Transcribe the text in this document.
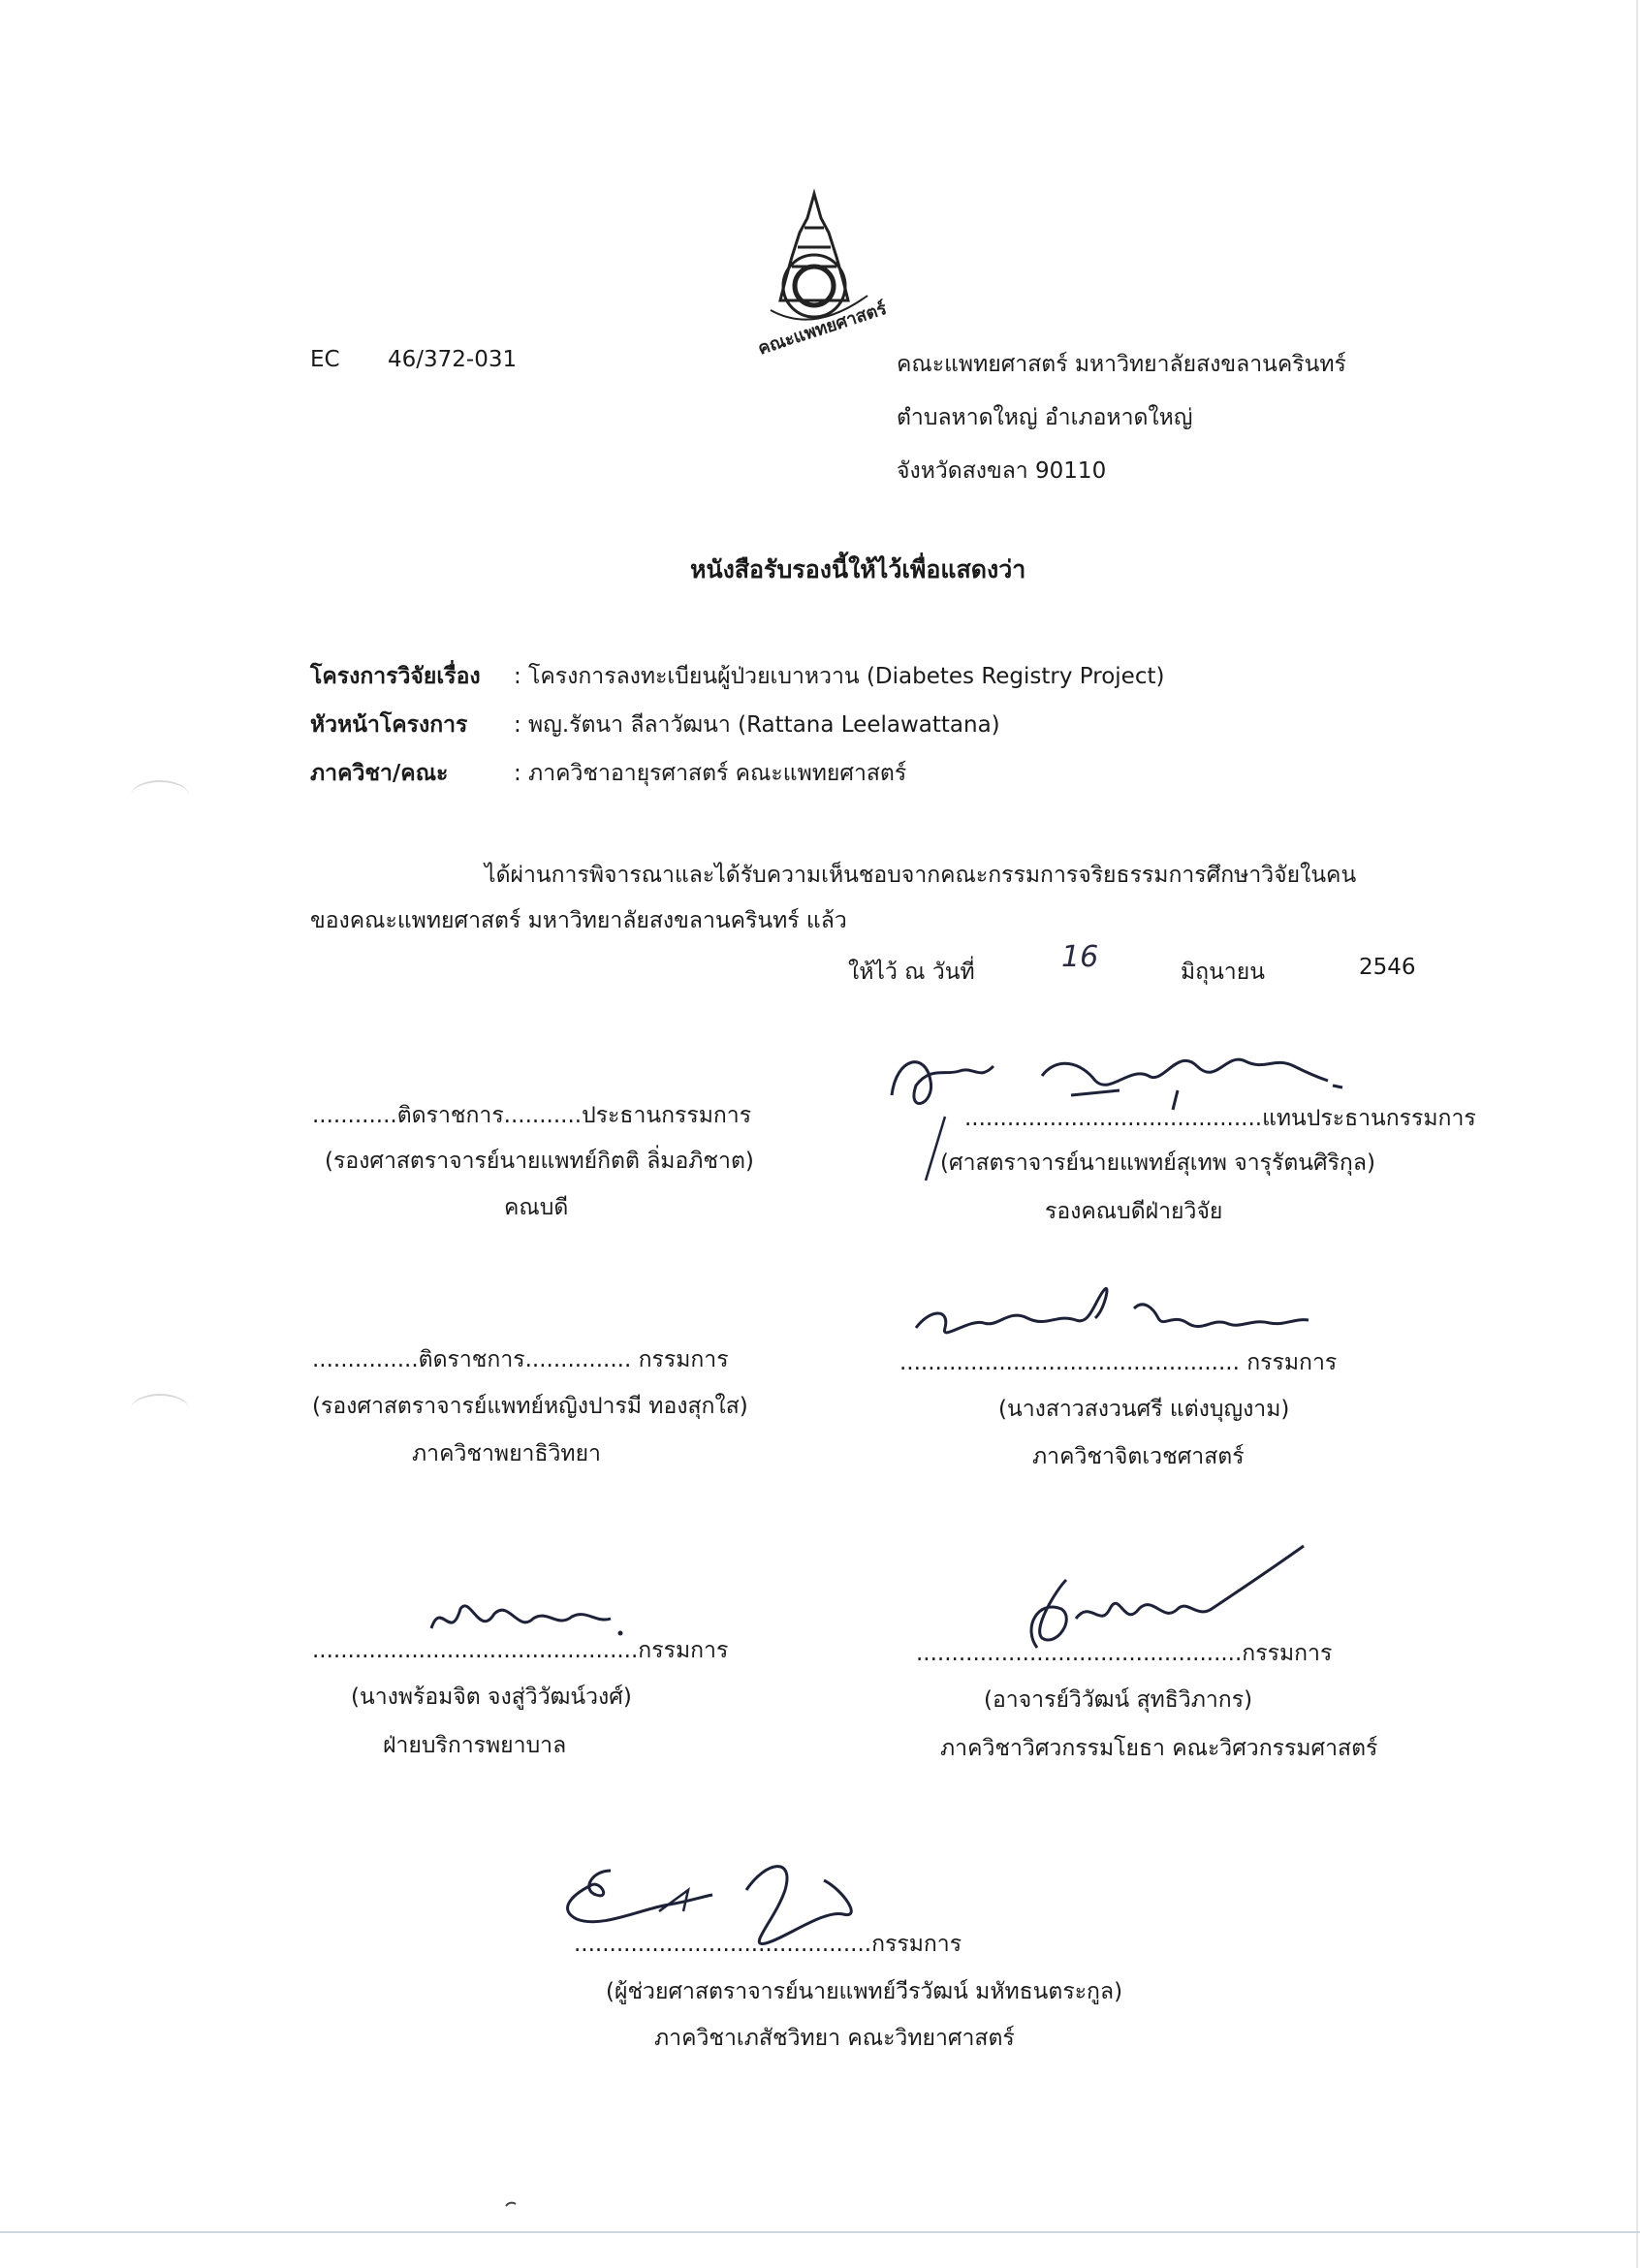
คณะแพทยศาสตร์
EC 46/372-031	คณะแพทยศาสตร์ มหาวิทยาลัยสงขลานครินทร์
ตำบลหาดใหญ่ อำเภอหาดใหญ่
จังหวัดสงขลา 90110
หนังสือรับรองนี้ให้ไว้เพื่อแสดงว่า
โครงการวิจัยเรื่อง : โครงการลงทะเบียนผู้ป่วยเบาหวาน (Diabetes Registry Project)
หัวหน้าโครงการ : พญ.รัตนา ลีลาวัฒนา (Rattana Leelawattana)
ภาควิชา/คณะ	: ภาควิชาอายุรศาสตร์ คณะแพทยศาสตร์
ได้ผ่านการพิจารณาและได้รับความเห็นชอบจากคณะกรรมการจริยธรรมการศึกษาวิจัยในคน
ของคณะแพทยศาสตร์ มหาวิทยาลัยสงขลานครินทร์ แล้ว
ให้ไว้ ณ วันที่	16	มิถุนายน	2546
............ติดราชการ...........ประธานกรรมการ
(รองศาสตราจารย์นายแพทย์กิตติ ลิ่มอภิชาต)
คณบดี
..........................................แทนประธานกรรมการ
(ศาสตราจารย์นายแพทย์สุเทพ จารุรัตนศิริกุล)
รองคณบดีฝ่ายวิจัย
...............ติดราชการ............... กรรมการ
(รองศาสตราจารย์แพทย์หญิงปารมี ทองสุกใส)
ภาควิชาพยาธิวิทยา
................................................ กรรมการ
(นางสาวสงวนศรี แต่งบุญงาม)
ภาควิชาจิตเวชศาสตร์
..............................................กรรมการ
(นางพร้อมจิต จงสู่วิวัฒน์วงศ์)
ฝ่ายบริการพยาบาล
..............................................กรรมการ
(อาจารย์วิวัฒน์ สุทธิวิภากร)
ภาควิชาวิศวกรรมโยธา คณะวิศวกรรมศาสตร์
..........................................กรรมการ
(ผู้ช่วยศาสตราจารย์นายแพทย์วีรวัฒน์ มหัทธนตระกูล)
ภาควิชาเภสัชวิทยา คณะวิทยาศาสตร์
